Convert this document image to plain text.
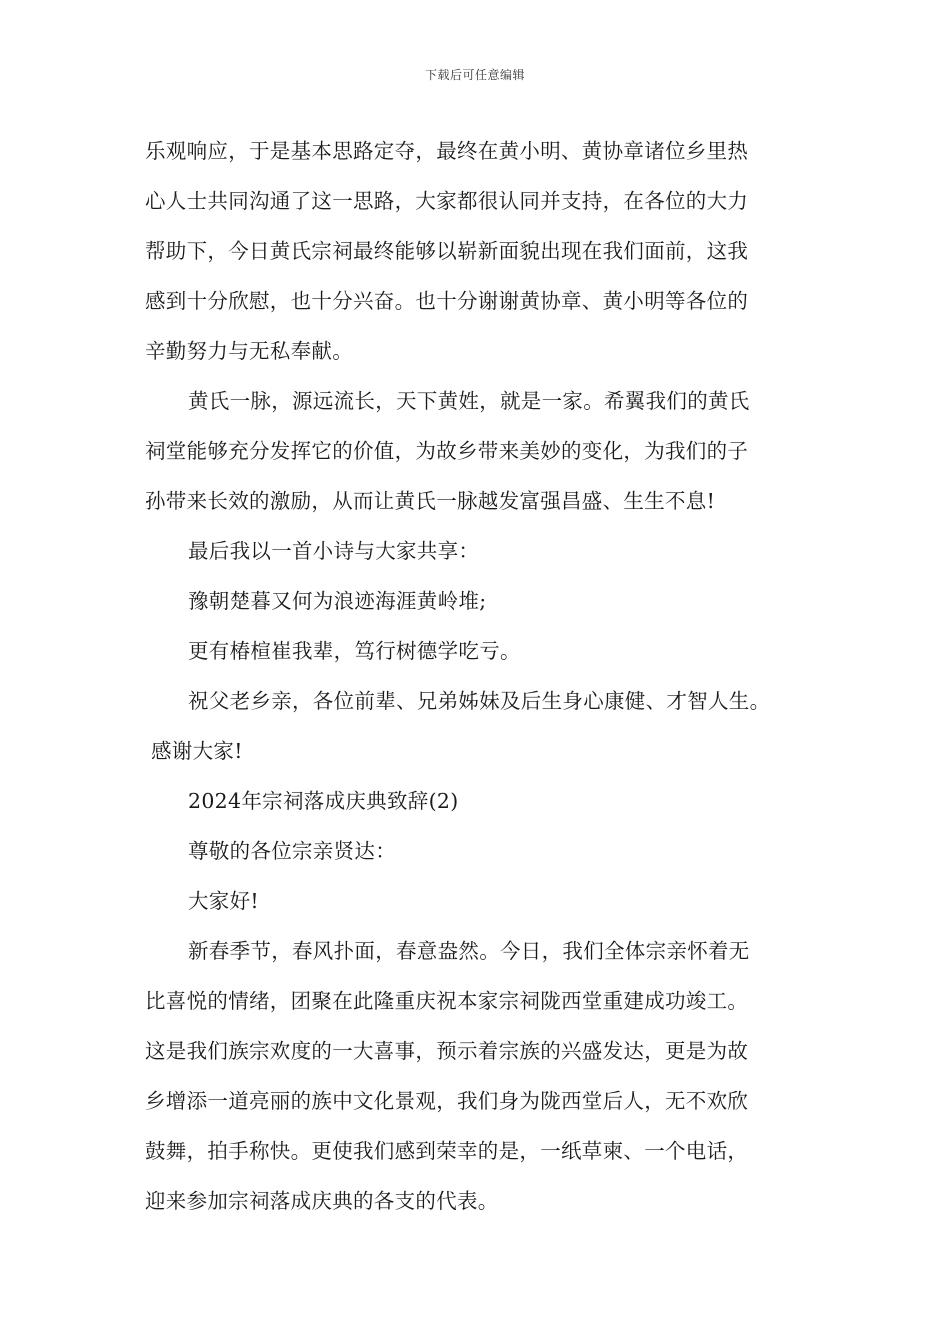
下载后可任意编辑
乐观响应，于是基本思路定夺，最终在黄小明、黄协章诸位乡里热
心人士共同沟通了这一思路，大家都很认同并支持，在各位的大力
帮助下，今日黄氏宗祠最终能够以崭新面貌出现在我们面前，这我
感到十分欣慰，也十分兴奋。也十分谢谢黄协章、黄小明等各位的
辛勤努力与无私奉献。
黄氏一脉，源远流长，天下黄姓，就是一家。希翼我们的黄氏
祠堂能够充分发挥它的价值，为故乡带来美妙的变化，为我们的子
孙带来长效的激励，从而让黄氏一脉越发富强昌盛、生生不息!
最后我以一首小诗与大家共享：
豫朝楚暮又何为浪迹海涯黄岭堆;
更有椿楦崔我辈，笃行树德学吃亏。
祝父老乡亲，各位前辈、兄弟姊妹及后生身心康健、才智人生。
感谢大家!
2024年宗祠落成庆典致辞(2)
尊敬的各位宗亲贤达：
大家好!
新春季节，春风扑面，春意盎然。今日，我们全体宗亲怀着无
比喜悦的情绪，团聚在此隆重庆祝本家宗祠陇西堂重建成功竣工。
这是我们族宗欢度的一大喜事，预示着宗族的兴盛发达，更是为故
乡增添一道亮丽的族中文化景观，我们身为陇西堂后人，无不欢欣
鼓舞，拍手称快。更使我们感到荣幸的是，一纸草柬、一个电话，
迎来参加宗祠落成庆典的各支的代表。
